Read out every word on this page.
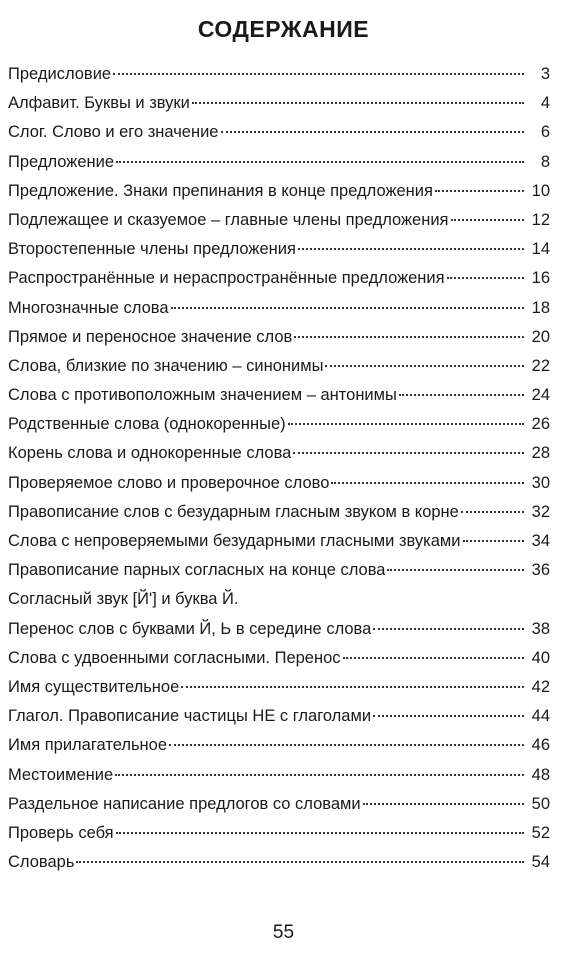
СОДЕРЖАНИЕ
Предисловие	3
Алфавит. Буквы и звуки	4
Слог. Слово и его значение	6
Предложение	8
Предложение. Знаки препинания в конце предложения	10
Подлежащее и сказуемое – главные члены предложения	12
Второстепенные члены предложения	14
Распространённые и нераспространённые предложения	16
Многозначные слова	18
Прямое и переносное значение слов	20
Слова, близкие по значению – синонимы	22
Слова с противоположным значением – антонимы	24
Родственные слова (однокоренные)	26
Корень слова и однокоренные слова	28
Проверяемое слово и проверочное слово	30
Правописание слов с безударным гласным звуком в корне	32
Слова с непроверяемыми безударными гласными звуками	34
Правописание парных согласных на конце слова	36
Согласный звук [Й'] и буква Й.
Перенос слов с буквами Й, Ь в середине слова	38
Слова с удвоенными согласными. Перенос	40
Имя существительное	42
Глагол. Правописание частицы НЕ с глаголами	44
Имя прилагательное	46
Местоимение	48
Раздельное написание предлогов со словами	50
Проверь себя	52
Словарь	54
55
